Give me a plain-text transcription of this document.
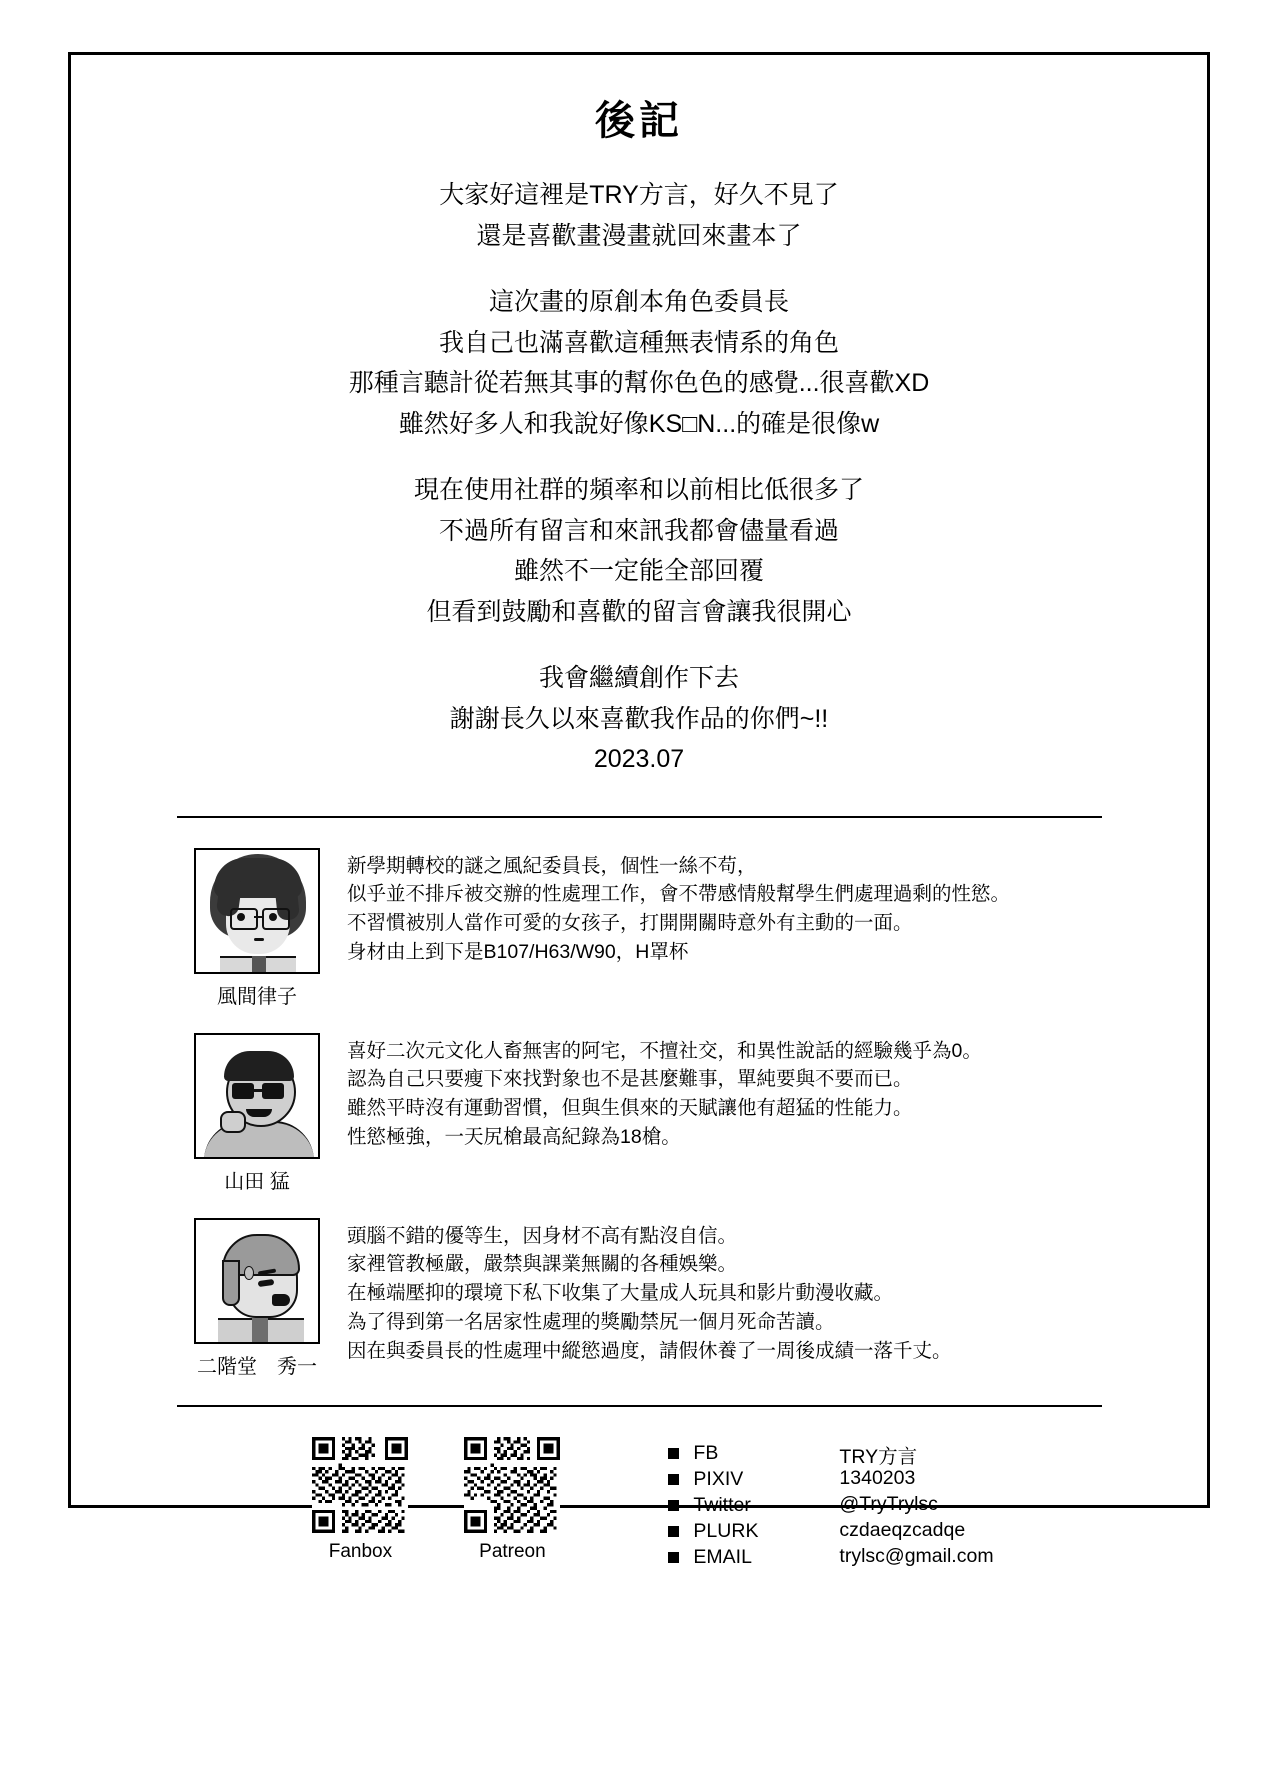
後記
大家好這裡是TRY方言，好久不見了
還是喜歡畫漫畫就回來畫本了
這次畫的原創本角色委員長
我自己也滿喜歡這種無表情系的角色
那種言聽計從若無其事的幫你色色的感覺...很喜歡XD
雖然好多人和我說好像KS□N...的確是很像w
現在使用社群的頻率和以前相比低很多了
不過所有留言和來訊我都會儘量看過
雖然不一定能全部回覆
但看到鼓勵和喜歡的留言會讓我很開心
我會繼續創作下去
謝謝長久以來喜歡我作品的你們~!!
2023.07
風間律子
新學期轉校的謎之風紀委員長，個性一絲不苟，
似乎並不排斥被交辦的性處理工作，會不帶感情般幫學生們處理過剩的性慾。
不習慣被別人當作可愛的女孩子，打開開關時意外有主動的一面。
身材由上到下是B107/H63/W90，H罩杯
山田 猛
喜好二次元文化人畜無害的阿宅，不擅社交，和異性說話的經驗幾乎為0。
認為自己只要瘦下來找對象也不是甚麼難事，單純要與不要而已。
雖然平時沒有運動習慣，但與生俱來的天賦讓他有超猛的性能力。
性慾極強，一天尻槍最高紀錄為18槍。
二階堂　秀一
頭腦不錯的優等生，因身材不高有點沒自信。
家裡管教極嚴，嚴禁與課業無關的各種娛樂。
在極端壓抑的環境下私下收集了大量成人玩具和影片動漫收藏。
為了得到第一名居家性處理的獎勵禁尻一個月死命苦讀。
因在與委員長的性處理中縱慾過度，請假休養了一周後成績一落千丈。
Fanbox	Patreon
FB
PIXIV
Twitter
PLURK
EMAIL
TRY方言
1340203
@TryTrylsc
czdaeqzcadqe
trylsc@gmail.com
